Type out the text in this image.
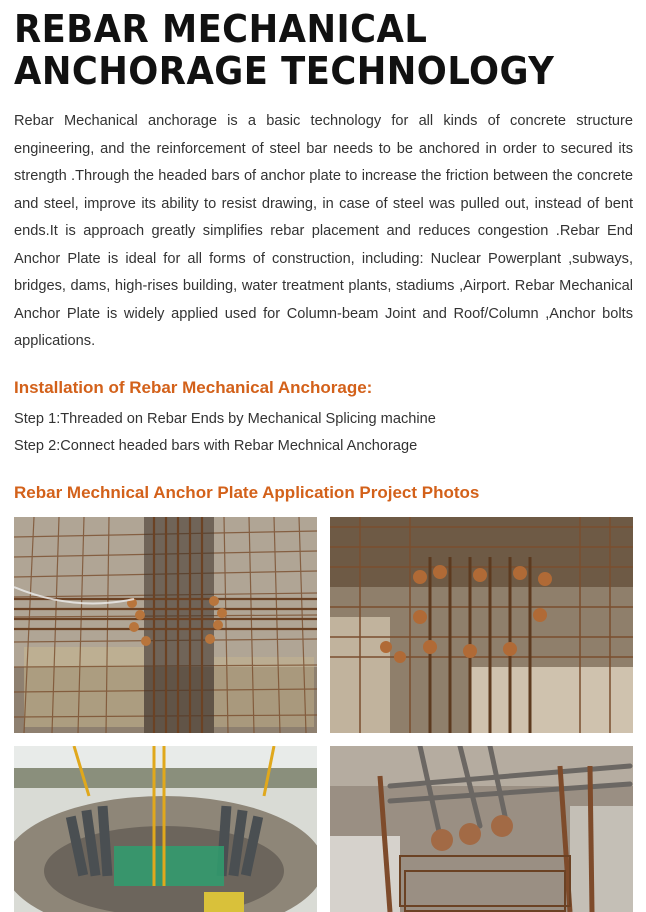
REBAR MECHANICAL ANCHORAGE TECHNOLOGY

Rebar Mechanical anchorage is a basic technology for all kinds of concrete structure engineering, and the reinforcement of steel bar needs to be anchored in order to secured its strength .Through the headed bars of anchor plate to increase the friction between the concrete and steel, improve its ability to resist drawing, in case of steel was pulled out, instead of bent ends.It is approach greatly simplifies rebar placement and reduces congestion .Rebar End Anchor Plate is ideal for all forms of construction, including: Nuclear Powerplant ,subways, bridges, dams, high-rises building, water treatment plants, stadiums ,Airport. Rebar Mechanical Anchor Plate is widely applied used for Column-beam Joint and Roof/Column ,Anchor bolts applications.

Installation of Rebar Mechanical Anchorage:

Step 1:Threaded on Rebar Ends by Mechanical Splicing machine

Step 2:Connect headed bars with Rebar Mechnical Anchorage

Rebar Mechnical Anchor Plate Application Project Photos
